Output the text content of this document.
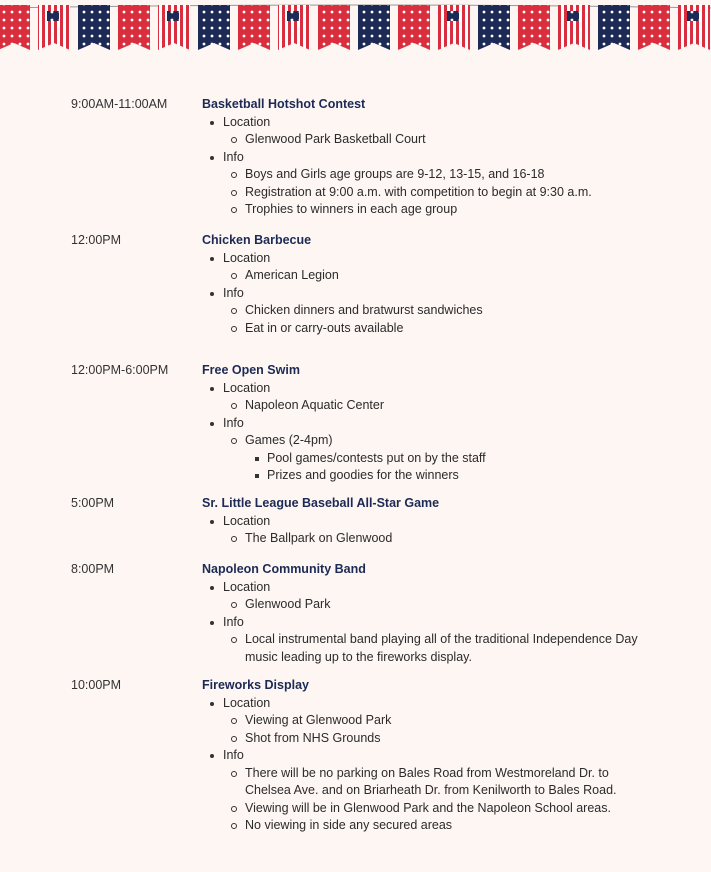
9:00AM-11:00AM	Basketball Hotshot Contest
Location
Glenwood Park Basketball Court
Info
Boys and Girls age groups are 9-12, 13-15, and 16-18
Registration at 9:00 a.m. with competition to begin at 9:30 a.m.
Trophies to winners in each age group
12:00PM	Chicken Barbecue
Location
American Legion
Info
Chicken dinners and bratwurst sandwiches
Eat in or carry-outs available
12:00PM-6:00PM	Free Open Swim
Location
Napoleon Aquatic Center
Info
Games (2-4pm)
Pool games/contests put on by the staff
Prizes and goodies for the winners
5:00PM	Sr. Little League Baseball All-Star Game
Location
The Ballpark on Glenwood
8:00PM	Napoleon Community Band
Location
Glenwood Park
Info
Local instrumental band playing all of the traditional Independence Day music leading up to the fireworks display.
10:00PM	Fireworks Display
Location
Viewing at Glenwood Park
Shot from NHS Grounds
Info
There will be no parking on Bales Road from Westmoreland Dr. to Chelsea Ave. and on Briarheath Dr. from Kenilworth to Bales Road.
Viewing will be in Glenwood Park and the Napoleon School areas.
No viewing in side any secured areas
